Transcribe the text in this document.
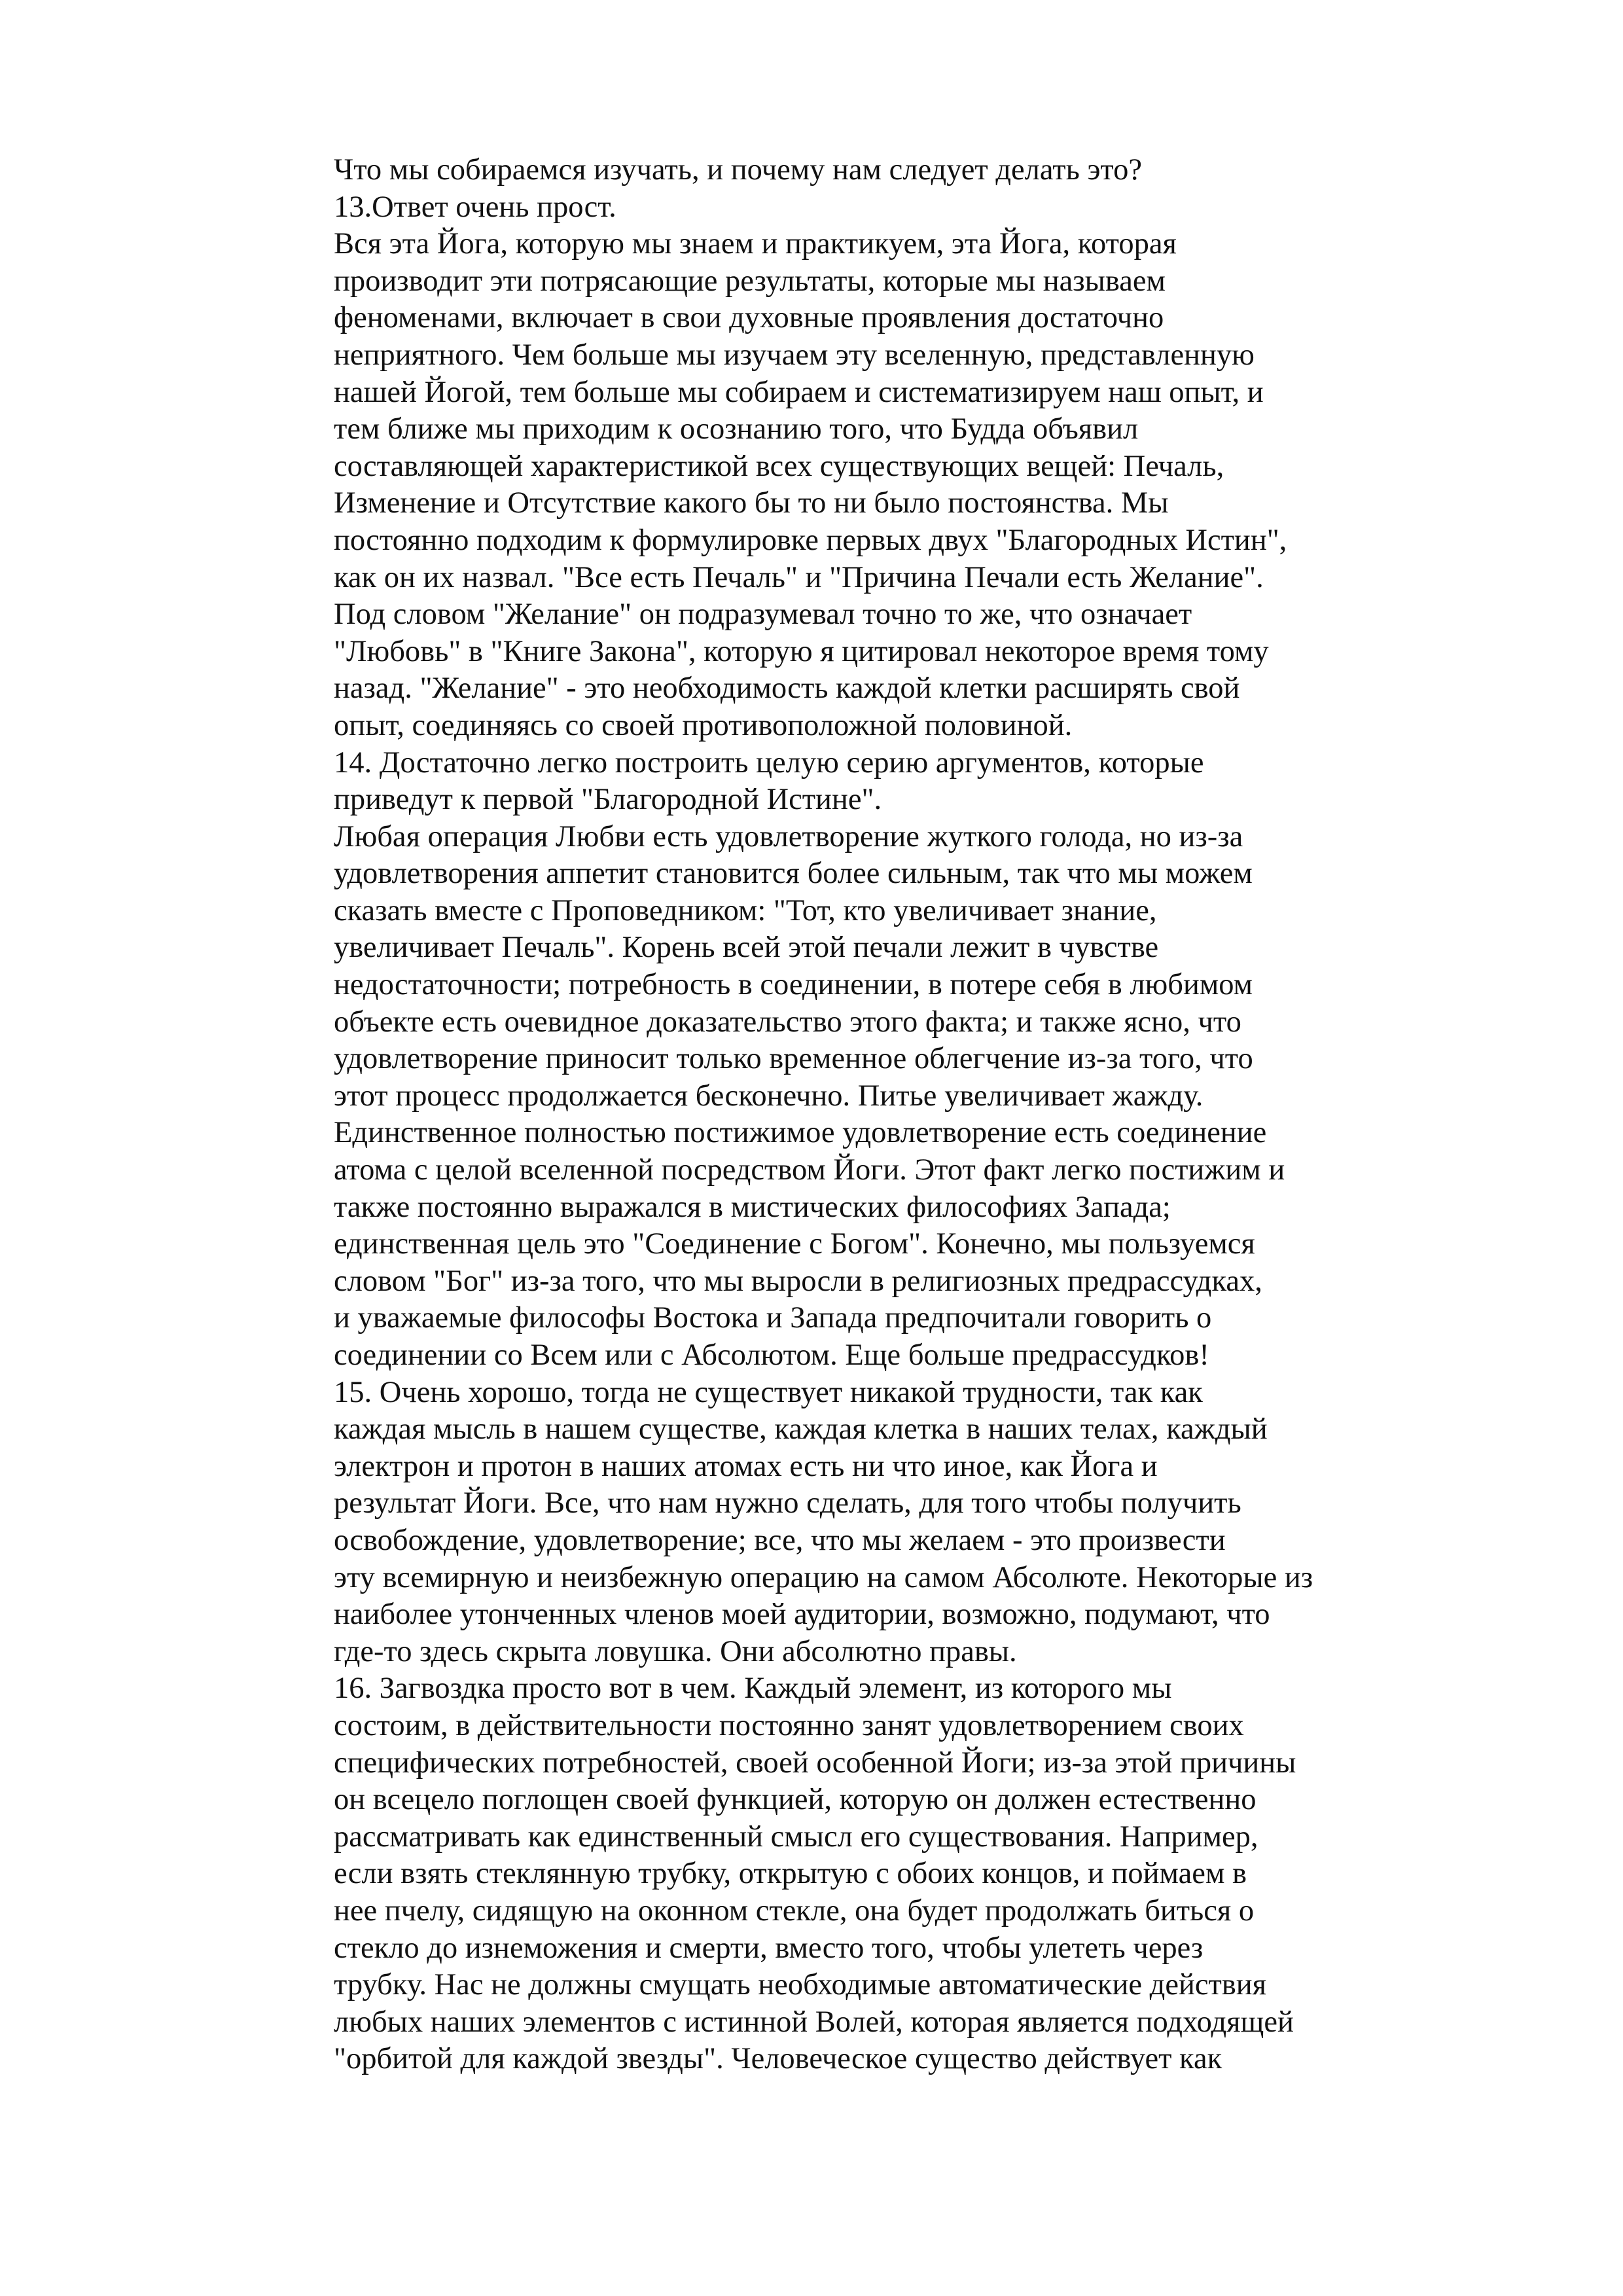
Что мы собираемся изучать, и почему нам следует делать это?
13.Ответ очень прост.
Вся эта Йога, которую мы знаем и практикуем, эта Йога, которая
производит эти потрясающие результаты, которые мы называем
феноменами, включает в свои духовные проявления достаточно
неприятного. Чем больше мы изучаем эту вселенную, представленную
нашей Йогой, тем больше мы собираем и систематизируем наш опыт, и
тем ближе мы приходим к осознанию того, что Будда объявил
составляющей характеристикой всех существующих вещей: Печаль,
Изменение и Отсутствие какого бы то ни было постоянства. Мы
постоянно подходим к формулировке первых двух "Благородных Истин",
как он их назвал. "Все есть Печаль" и "Причина Печали есть Желание".
Под словом "Желание" он подразумевал точно то же, что означает
"Любовь" в "Книге Закона", которую я цитировал некоторое время тому
назад. "Желание" - это необходимость каждой клетки расширять свой
опыт, соединяясь со своей противоположной половиной.
14. Достаточно легко построить целую серию аргументов, которые
приведут к первой "Благородной Истине".
Любая операция Любви есть удовлетворение жуткого голода, но из-за
удовлетворения аппетит становится более сильным, так что мы можем
сказать вместе с Проповедником: "Тот, кто увеличивает знание,
увеличивает Печаль". Корень всей этой печали лежит в чувстве
недостаточности; потребность в соединении, в потере себя в любимом
объекте есть очевидное доказательство этого факта; и также ясно, что
удовлетворение приносит только временное облегчение из-за того, что
этот процесс продолжается бесконечно. Питье увеличивает жажду.
Единственное полностью постижимое удовлетворение есть соединение
атома с целой вселенной посредством Йоги. Этот факт легко постижим и
также постоянно выражался в мистических философиях Запада;
единственная цель это "Соединение с Богом". Конечно, мы пользуемся
словом "Бог" из-за того, что мы выросли в религиозных предрассудках,
и уважаемые философы Востока и Запада предпочитали говорить о
соединении со Всем или с Абсолютом. Еще больше предрассудков!
15. Очень хорошо, тогда не существует никакой трудности, так как
каждая мысль в нашем существе, каждая клетка в наших телах, каждый
электрон и протон в наших атомах есть ни что иное, как Йога и
результат Йоги. Все, что нам нужно сделать, для того чтобы получить
освобождение, удовлетворение; все, что мы желаем - это произвести
эту всемирную и неизбежную операцию на самом Абсолюте. Некоторые из
наиболее утонченных членов моей аудитории, возможно, подумают, что
где-то здесь скрыта ловушка. Они абсолютно правы.
16. Загвоздка просто вот в чем. Каждый элемент, из которого мы
состоим, в действительности постоянно занят удовлетворением своих
специфических потребностей, своей особенной Йоги; из-за этой причины
он всецело поглощен своей функцией, которую он должен естественно
рассматривать как единственный смысл его существования. Например,
если взять стеклянную трубку, открытую с обоих концов, и поймаем в
нее пчелу, сидящую на оконном стекле, она будет продолжать биться о
стекло до изнеможения и смерти, вместо того, чтобы улететь через
трубку. Нас не должны смущать необходимые автоматические действия
любых наших элементов с истинной Волей, которая является подходящей
"орбитой для каждой звезды". Человеческое существо действует как
